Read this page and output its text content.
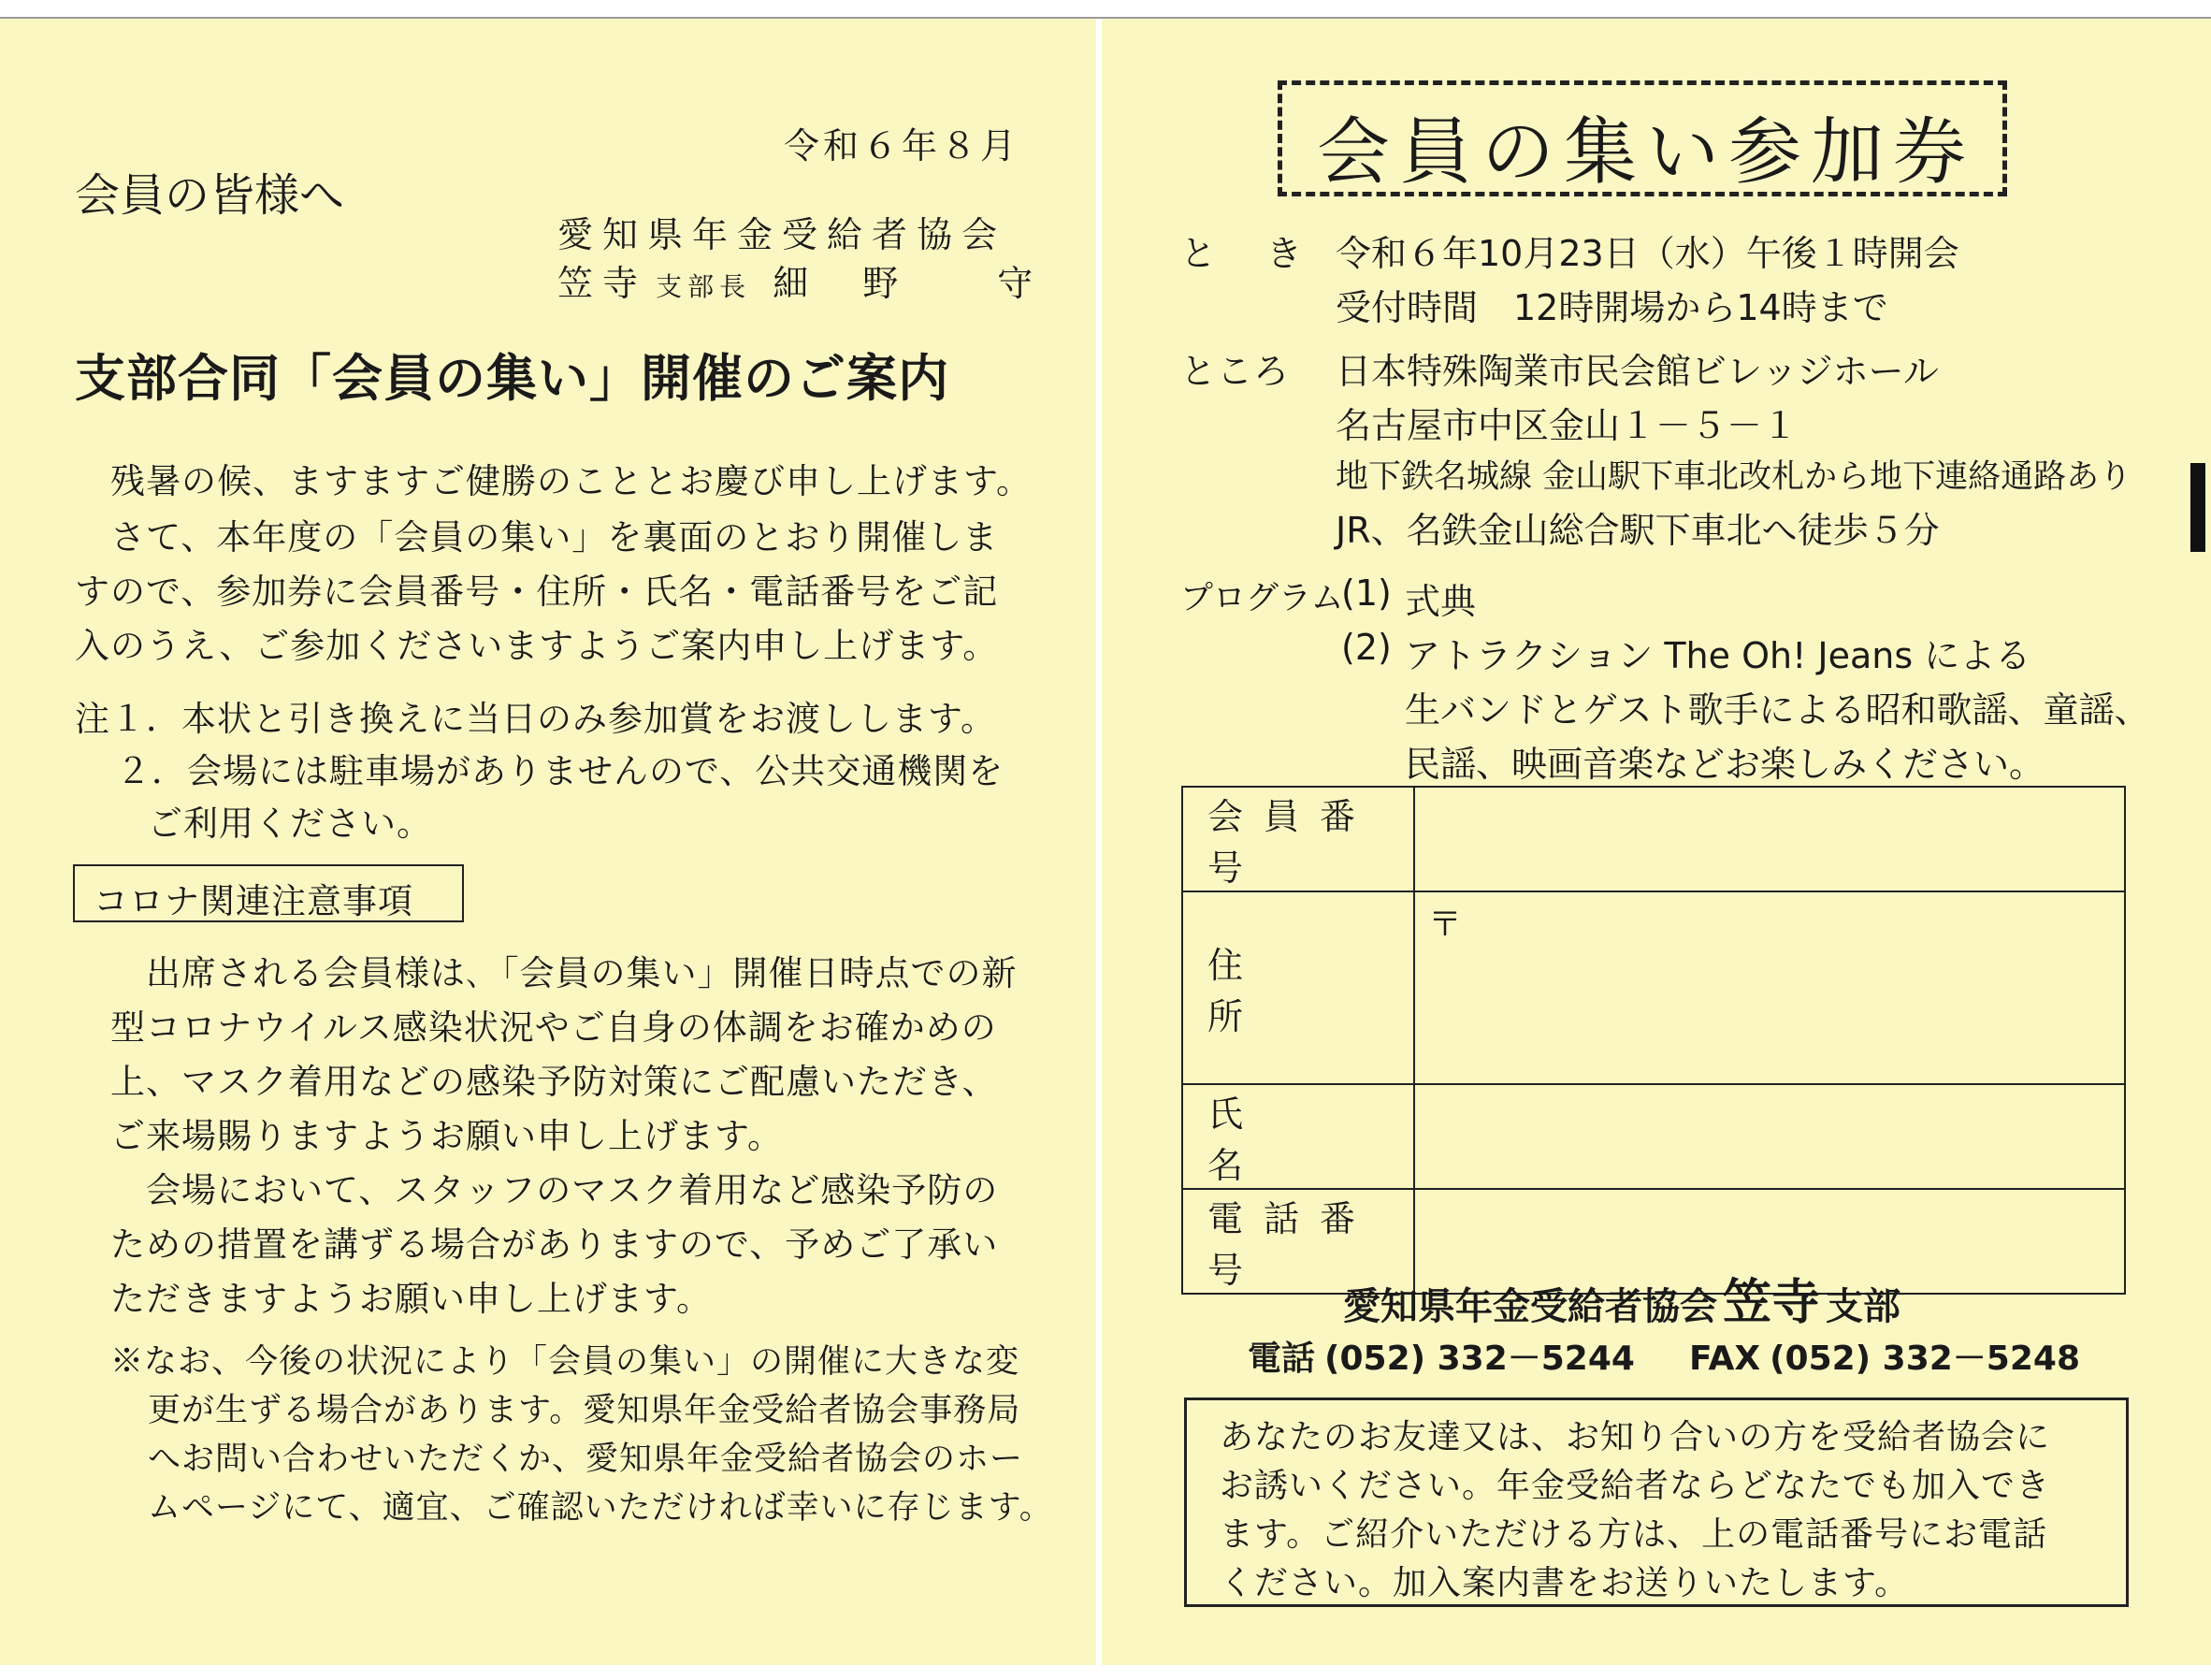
令和６年８月
会員の皆様へ
愛知県年金受給者協会
笠寺 支部長 細　野　　守
支部合同「会員の集い」開催のご案内
残暑の候、ますますご健勝のこととお慶び申し上げます。
さて、本年度の「会員の集い」を裏面のとおり開催しま
すので、参加券に会員番号・住所・氏名・電話番号をご記
入のうえ、ご参加くださいますようご案内申し上げます。
注１．本状と引き換えに当日のみ参加賞をお渡しします。
２．会場には駐車場がありませんので、公共交通機関を
ご利用ください。
コロナ関連注意事項
出席される会員様は､「会員の集い」開催日時点での新
型コロナウイルス感染状況やご自身の体調をお確かめの
上、マスク着用などの感染予防対策にご配慮いただき、
ご来場賜りますようお願い申し上げます。
会場において、スタッフのマスク着用など感染予防の
ための措置を講ずる場合がありますので、予めご了承い
ただきますようお願い申し上げます。
※なお、今後の状況により「会員の集い」の開催に大きな変
更が生ずる場合があります。愛知県年金受給者協会事務局
へお問い合わせいただくか、愛知県年金受給者協会のホー
ムページにて、適宜、ご確認いただければ幸いに存じます。
会員の集い参加券
と　き 令和６年10月23日（水）午後１時開会
受付時間　12時開場から14時まで
ところ 日本特殊陶業市民会館ビレッジホール
名古屋市中区金山１－５－１
地下鉄名城線 金山駅下車北改札から地下連絡通路あり
JR、名鉄金山総合駅下車北へ徒歩５分
プログラム
(1) 式典
(2) アトラクション The Oh! Jeans による
生バンドとゲスト歌手による昭和歌謡、童謡、
民謡、映画音楽などお楽しみください。
会員番号	
住所	〒

氏名	
電話番号	
愛知県年金受給者協会 笠寺 支部
電話 (052) 332－5244 FAX (052) 332－5248
あなたのお友達又は、お知り合いの方を受給者協会に
お誘いください。年金受給者ならどなたでも加入でき
ます。ご紹介いただける方は、上の電話番号にお電話
ください。加入案内書をお送りいたします。
